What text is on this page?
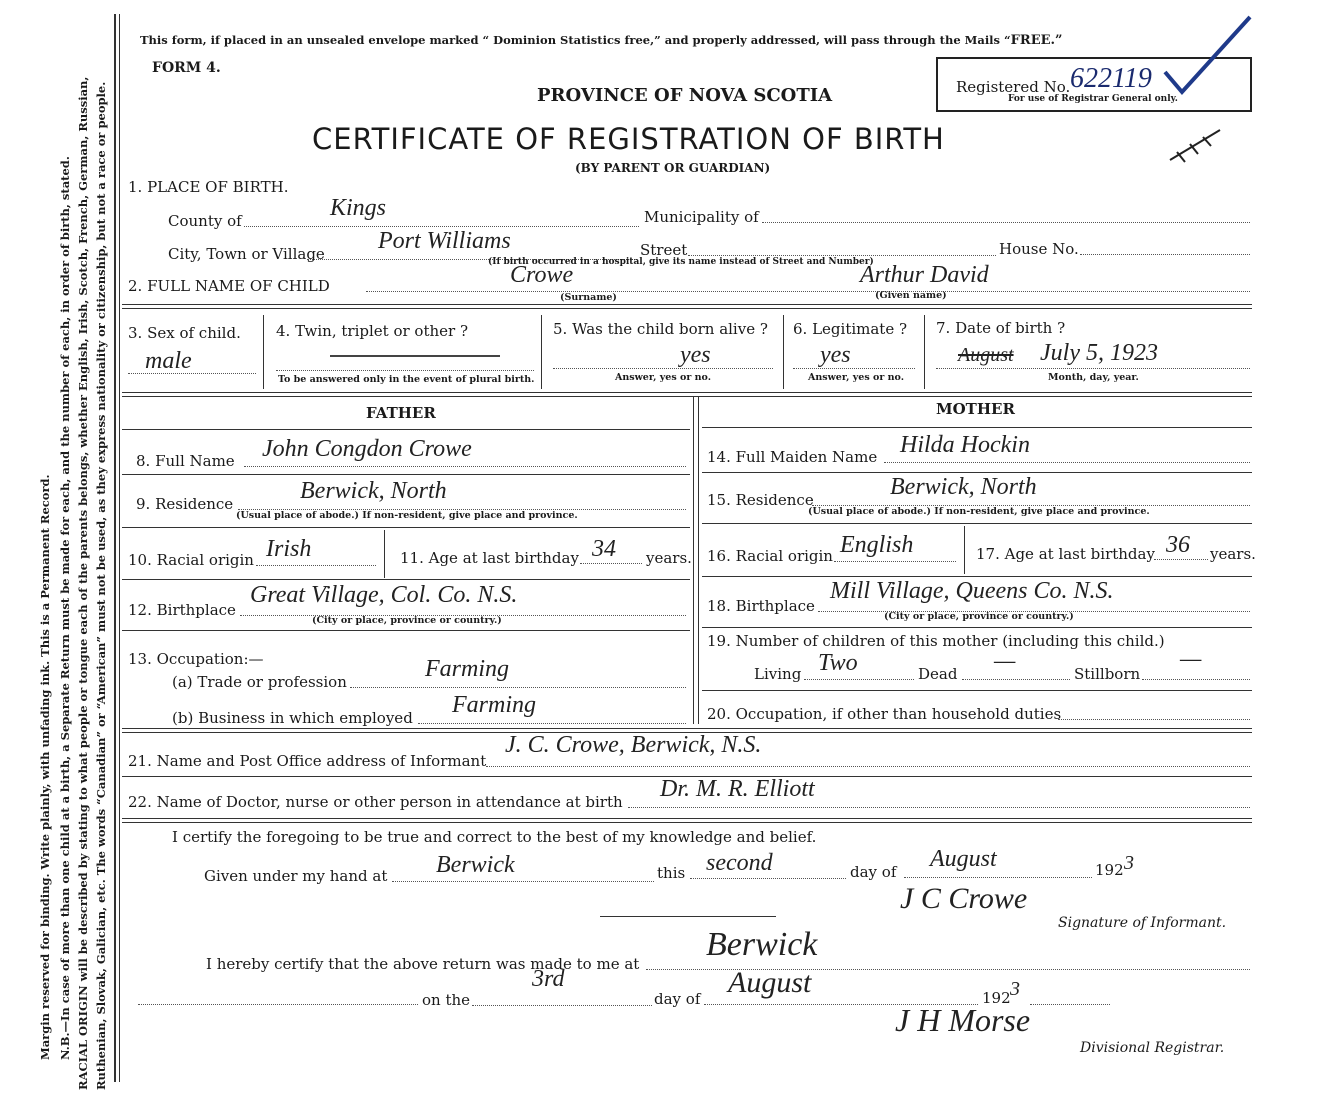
Margin reserved for binding. Write plainly, with unfading ink. This is a Permanent Record. N.B.—In case of more than one child at a birth, a Separate Return must be made for each, and the number of each, in order of birth, stated. RACIAL ORIGIN will be described by stating to what people or tongue each of the parents belongs, whether English, Irish, Scotch, French, German, Russian, Ruthenian, Slovak, Galician, etc. The words “Canadian” or “American” must not be used, as they express nationality or citizenship, but not a race or people.
This form, if placed in an unsealed envelope marked “ Dominion Statistics free,” and properly addressed, will pass through the Mails “FREE.”
FORM 4.
PROVINCE OF NOVA SCOTIA
CERTIFICATE OF REGISTRATION OF BIRTH
(BY PARENT OR GUARDIAN)
Registered No. 622119
For use of Registrar General only.
1. PLACE OF BIRTH.
County of	Kings	Municipality of
City, Town or Village Port Williams	Street	House No.
(If birth occurred in a hospital, give its name instead of Street and Number)
2. FULL NAME OF CHILD	Crowe
(Surname)
Arthur David
(Given name)
3. Sex of child.
male
4. Twin, triplet or other ?
To be answered only in the event of plural birth.
5. Was the child born alive ?
yes
Answer, yes or no.
6. Legitimate ?
yes
Answer, yes or no.
7. Date of birth ?
August July 5, 1923
Month, day, year.
FATHER	MOTHER
8. Full Name John Congdon Crowe
9. Residence	Berwick, North
(Usual place of abode.) If non-resident, give place and province.
10. Racial origin Irish	11. Age at last birthday 34 years.
12. Birthplace
Great Village, Col. Co. N.S.
(City or place, province or country.)
13. Occupation:—
(a) Trade or profession	Farming
(b) Business in which employed Farming
14. Full Maiden Name Hilda Hockin
15. Residence	Berwick, North
(Usual place of abode.) If non-resident, give place and province.
16. Racial origin English	17. Age at last birthday 36 years.
18. Birthplace
Mill Village, Queens Co. N.S.
(City or place, province or country.)
19. Number of children of this mother (including this child.)
Living Two	Dead —	Stillborn
—
20. Occupation, if other than household duties
21. Name and Post Office address of Informant
J. C. Crowe, Berwick, N.S.
22. Name of Doctor, nurse or other person in attendance at birth Dr. M. R. Elliott
I certify the foregoing to be true and correct to the best of my knowledge and belief.
Given under my hand at Berwick	this second	day of August	192 3
J C Crowe
Signature of Informant.
I hereby certify that the above return was made to me at
Berwick
on the
3rd
day of August	192 3
J H Morse
Divisional Registrar.
